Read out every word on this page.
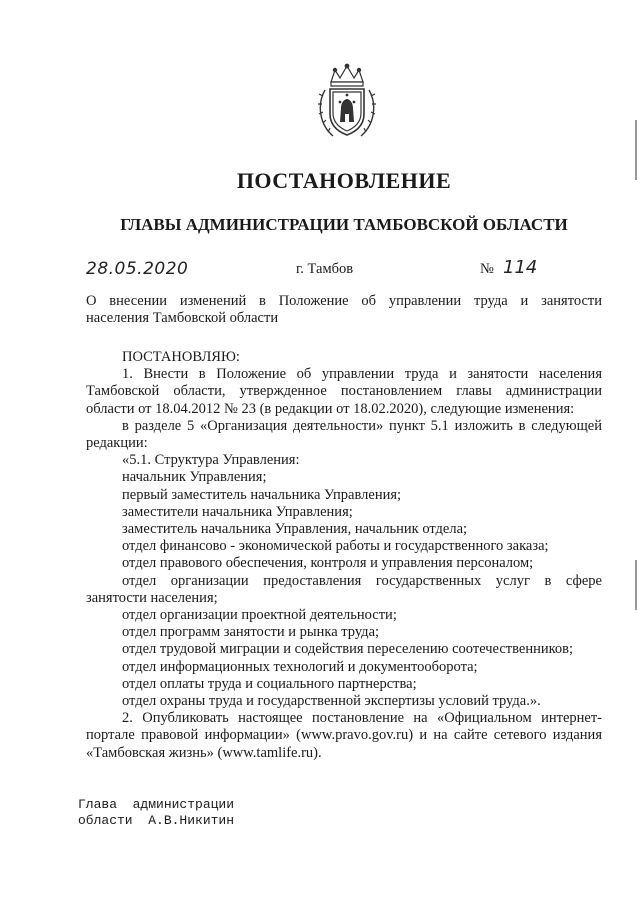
ПОСТАНОВЛЕНИЕ
ГЛАВЫ АДМИНИСТРАЦИИ ТАМБОВСКОЙ ОБЛАСТИ
28.05.2020	г. Тамбов	№ 114
О   внесении   изменений   в   Положение   об   управлении   труда   и   занятости
населения Тамбовской области
ПОСТАНОВЛЯЮ:
1.  Внести  в  Положение  об  управлении  труда  и  занятости  населения
Тамбовской  области,  утвержденное  постановлением  главы  администрации
области от 18.04.2012 № 23 (в редакции от 18.02.2020), следующие изменения:
в разделе 5 «Организация деятельности» пункт 5.1 изложить в следующей
редакции:
«5.1. Структура Управления:
начальник Управления;
первый заместитель начальника Управления;
заместители начальника Управления;
заместитель начальника Управления, начальник отдела;
отдел финансово - экономической работы и государственного заказа;
отдел правового обеспечения, контроля и управления персоналом;
отдел  организации  предоставления  государственных  услуг  в  сфере
занятости населения;
отдел организации проектной деятельности;
отдел программ занятости и рынка труда;
отдел трудовой миграции и содействия переселению соотечественников;
отдел информационных технологий и документооборота;
отдел оплаты труда и социального партнерства;
отдел охраны труда и государственной экспертизы условий труда.».
2. Опубликовать настоящее постановление на «Официальном интернет-
портале правовой информации» (www.pravo.gov.ru) и на сайте сетевого издания
«Тамбовская жизнь» (www.tamlife.ru).
Глава  администрации
области  А.В.Никитин
